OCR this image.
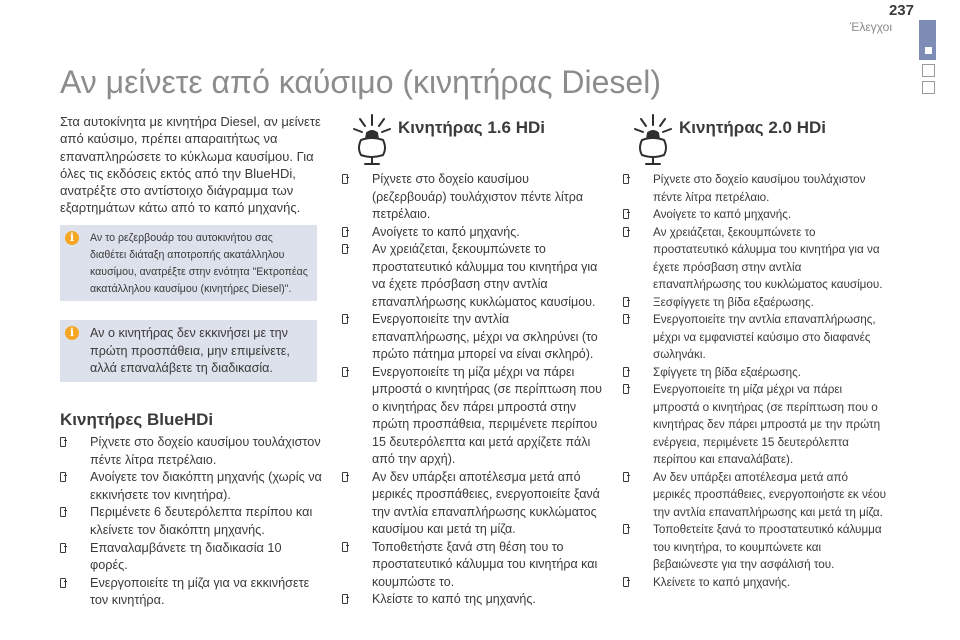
237
Έλεγχοι
Αν μείνετε από καύσιμο (κινητήρας Diesel)

Στα αυτοκίνητα με κινητήρα Diesel, αν μείνετε από καύσιμο, πρέπει απαραιτήτως να επαναπληρώσετε το κύκλωμα καυσίμου. Για όλες τις εκδόσεις εκτός από την BlueHDi, ανατρέξτε στο αντίστοιχο διάγραμμα των εξαρτημάτων κάτω από το καπό μηχανής.

i	Αν το ρεζερβουάρ του αυτοκινήτου σας διαθέτει διάταξη αποτροπής ακατάλληλου καυσίμου, ανατρέξτε στην ενότητα "Εκτροπέας ακατάλληλου καυσίμου (κινητήρες Diesel)".

i	Αν ο κινητήρας δεν εκκινήσει με την πρώτη προσπάθεια, μην επιμείνετε, αλλά επαναλάβετε τη διαδικασία.

Κινητήρες BlueHDi
Ρίχνετε στο δοχείο καυσίμου τουλάχιστον πέντε λίτρα πετρέλαιο.
Ανοίγετε τον διακόπτη μηχανής (χωρίς να εκκινήσετε τον κινητήρα).
Περιμένετε 6 δευτερόλεπτα περίπου και κλείνετε τον διακόπτη μηχανής.
Επαναλαμβάνετε τη διαδικασία 10 φορές.
Ενεργοποιείτε τη μίζα για να εκκινήσετε τον κινητήρα.
Κινητήρας 1.6 HDi
Ρίχνετε στο δοχείο καυσίμου (ρεζερβουάρ) τουλάχιστον πέντε λίτρα πετρέλαιο.
Ανοίγετε το καπό μηχανής.
Αν χρειάζεται, ξεκουμπώνετε το προστατευτικό κάλυμμα του κινητήρα για να έχετε πρόσβαση στην αντλία επαναπλήρωσης κυκλώματος καυσίμου.
Ενεργοποιείτε την αντλία επαναπλήρωσης, μέχρι να σκληρύνει (το πρώτο πάτημα μπορεί να είναι σκληρό).
Ενεργοποιείτε τη μίζα μέχρι να πάρει μπροστά ο κινητήρας (σε περίπτωση που ο κινητήρας δεν πάρει μπροστά στην πρώτη προσπάθεια, περιμένετε περίπου 15 δευτερόλεπτα και μετά αρχίζετε πάλι από την αρχή).
Αν δεν υπάρξει αποτέλεσμα μετά από μερικές προσπάθειες, ενεργοποιείτε ξανά την αντλία επαναπλήρωσης κυκλώματος καυσίμου και μετά τη μίζα.
Τοποθετήστε ξανά στη θέση του το προστατευτικό κάλυμμα του κινητήρα και κουμπώστε το.
Κλείστε το καπό της μηχανής.
Κινητήρας 2.0 HDi
Ρίχνετε στο δοχείο καυσίμου τουλάχιστον πέντε λίτρα πετρέλαιο.
Ανοίγετε το καπό μηχανής.
Αν χρειάζεται, ξεκουμπώνετε το προστατευτικό κάλυμμα του κινητήρα για να έχετε πρόσβαση στην αντλία επαναπλήρωσης του κυκλώματος καυσίμου.
Ξεσφίγγετε τη βίδα εξαέρωσης.
Ενεργοποιείτε την αντλία επαναπλήρωσης, μέχρι να εμφανιστεί καύσιμο στο διαφανές σωληνάκι.
Σφίγγετε τη βίδα εξαέρωσης.
Ενεργοποιείτε τη μίζα μέχρι να πάρει μπροστά ο κινητήρας (σε περίπτωση που ο κινητήρας δεν πάρει μπροστά με την πρώτη ενέργεια, περιμένετε 15 δευτερόλεπτα περίπου και επαναλάβατε).
Αν δεν υπάρξει αποτέλεσμα μετά από μερικές προσπάθειες, ενεργοποιήστε εκ νέου την αντλία επαναπλήρωσης και μετά τη μίζα.
Τοποθετείτε ξανά το προστατευτικό κάλυμμα του κινητήρα, το κουμπώνετε και βεβαιώνεστε για την ασφάλισή του.
Κλείνετε το καπό μηχανής.
